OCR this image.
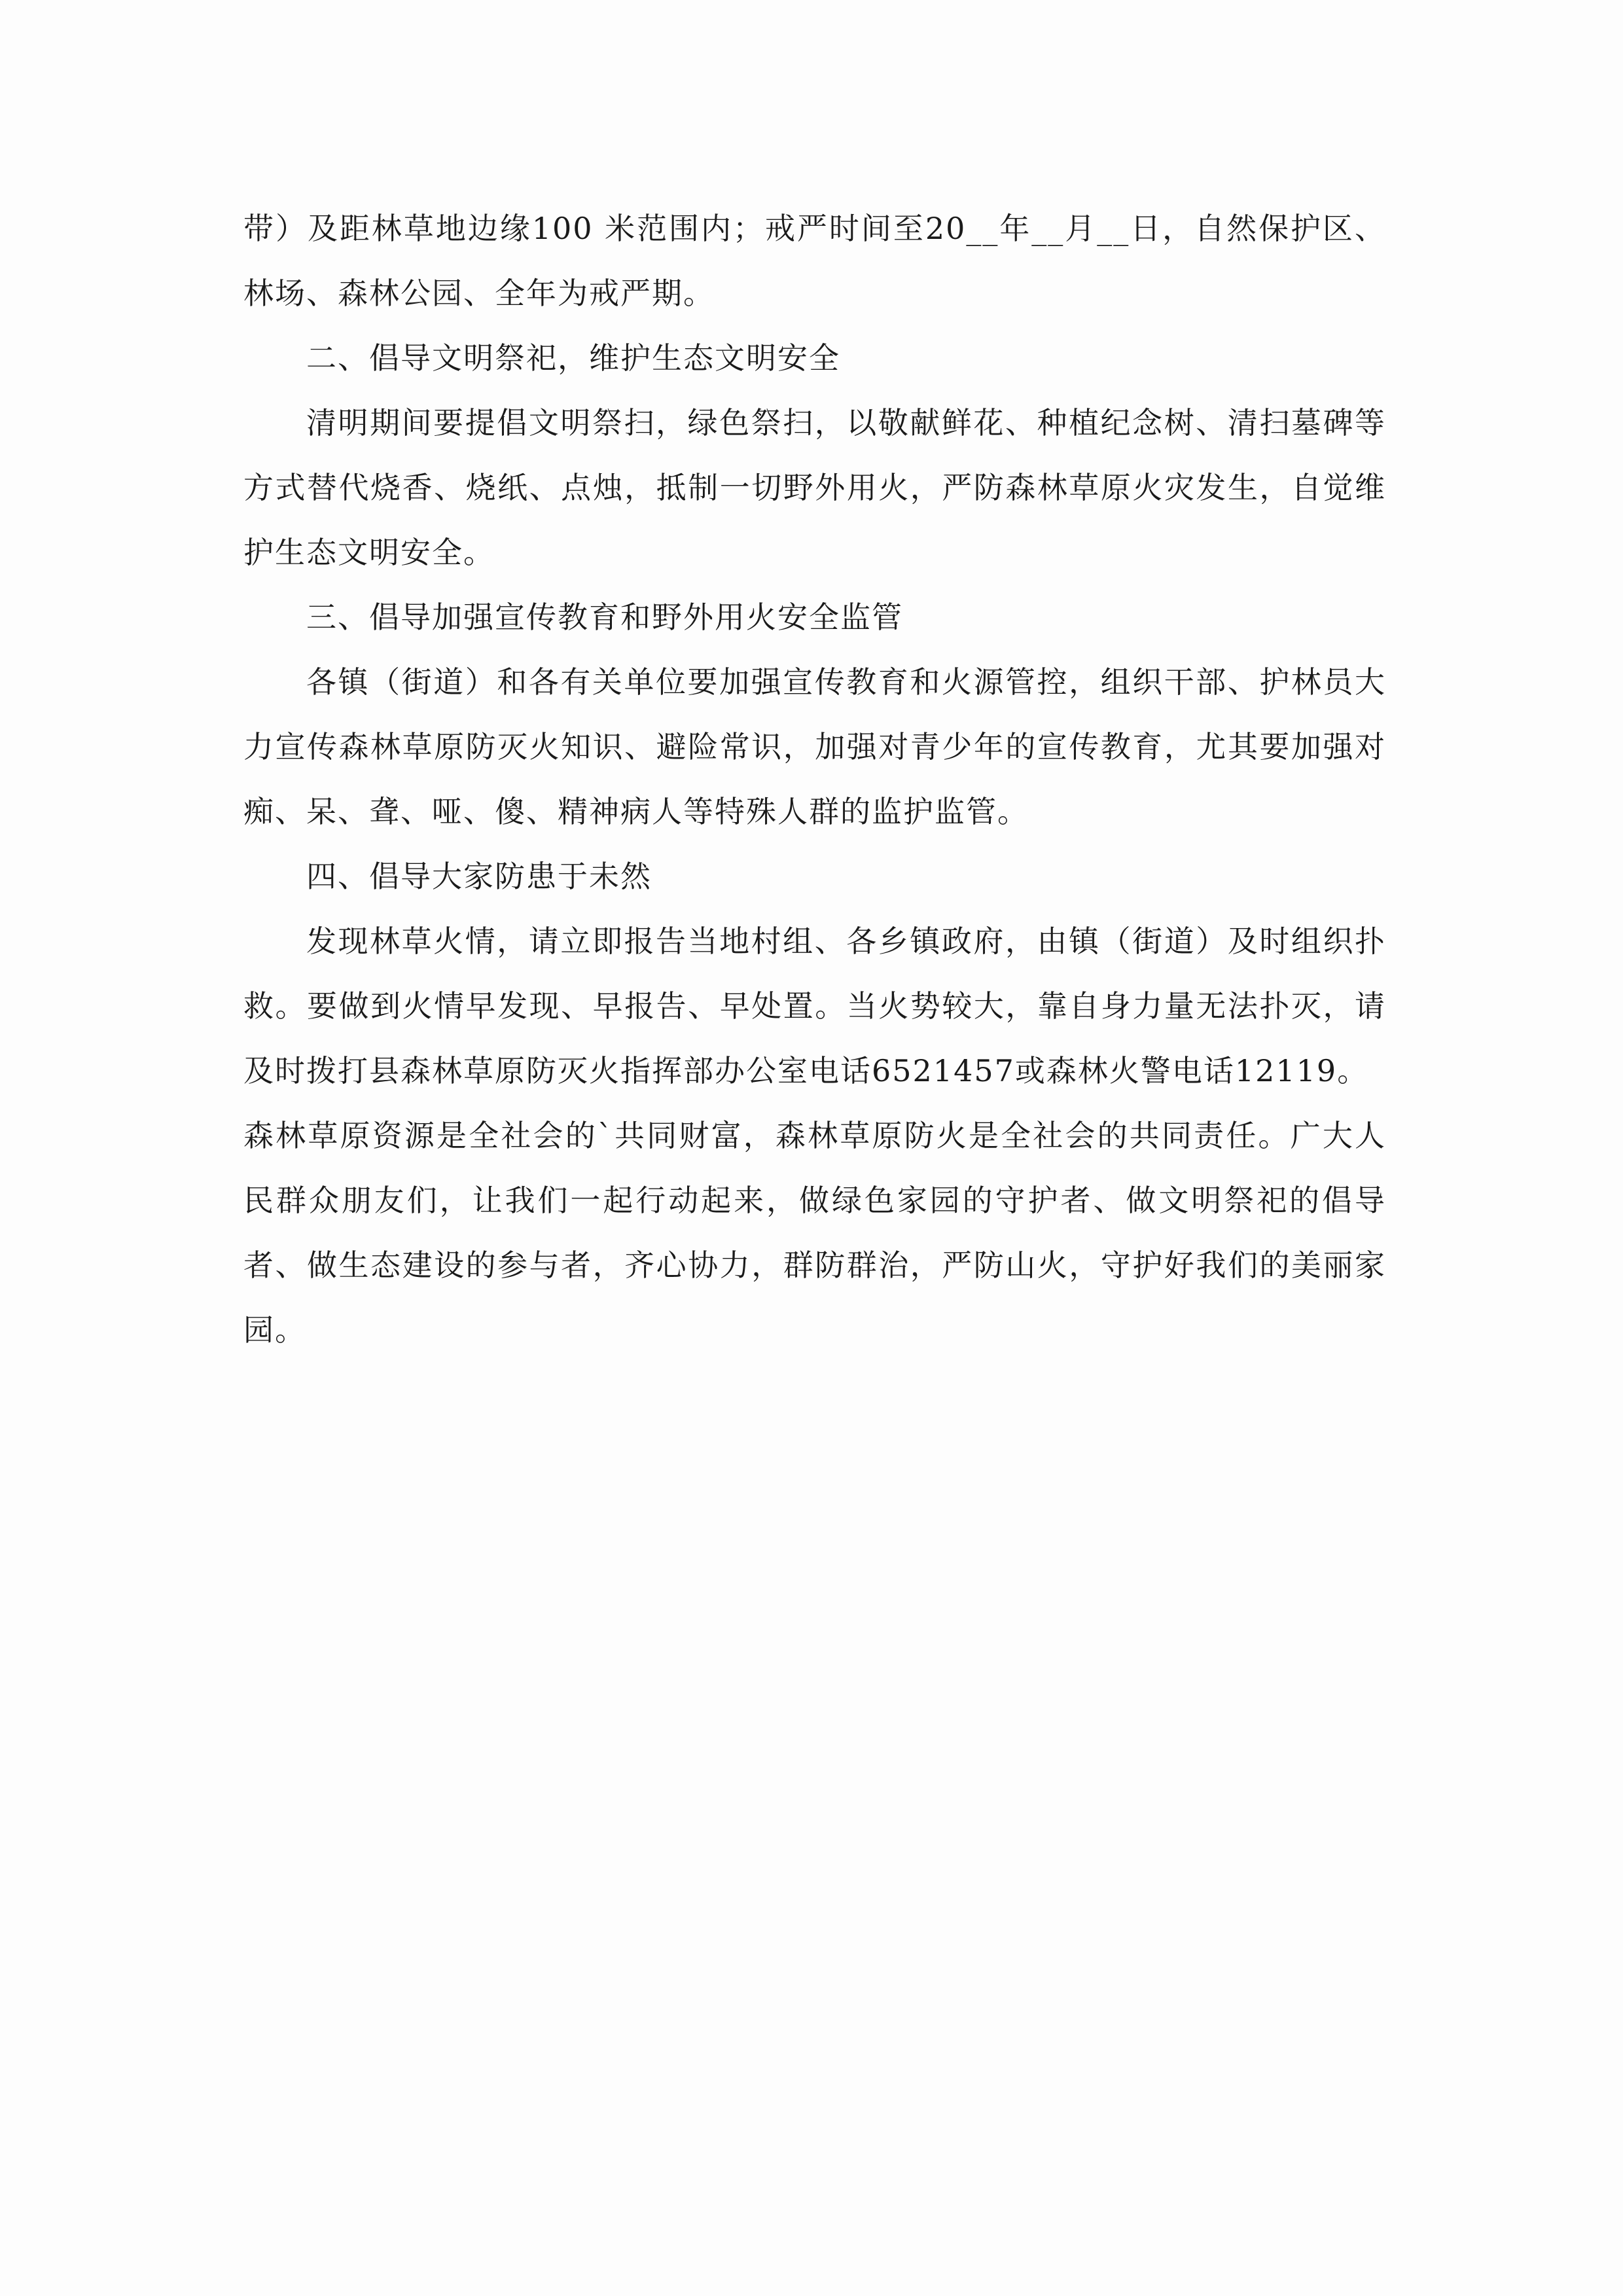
带）及距林草地边缘100 米范围内；戒严时间至20__年__月__日，自然保护区、林场、森林公园、全年为戒严期。

二、倡导文明祭祀，维护生态文明安全

清明期间要提倡文明祭扫，绿色祭扫，以敬献鲜花、种植纪念树、清扫墓碑等方式替代烧香、烧纸、点烛，抵制一切野外用火，严防森林草原火灾发生，自觉维护生态文明安全。

三、倡导加强宣传教育和野外用火安全监管

各镇（街道）和各有关单位要加强宣传教育和火源管控，组织干部、护林员大力宣传森林草原防灭火知识、避险常识，加强对青少年的宣传教育，尤其要加强对痴、呆、聋、哑、傻、精神病人等特殊人群的监护监管。

四、倡导大家防患于未然

发现林草火情，请立即报告当地村组、各乡镇政府，由镇（街道）及时组织扑救。要做到火情早发现、早报告、早处置。当火势较大，靠自身力量无法扑灭，请及时拨打县森林草原防灭火指挥部办公室电话6521457或森林火警电话12119。

森林草原资源是全社会的`共同财富，森林草原防火是全社会的共同责任。广大人民群众朋友们，让我们一起行动起来，做绿色家园的守护者、做文明祭祀的倡导者、做生态建设的参与者，齐心协力，群防群治，严防山火，守护好我们的美丽家园。
